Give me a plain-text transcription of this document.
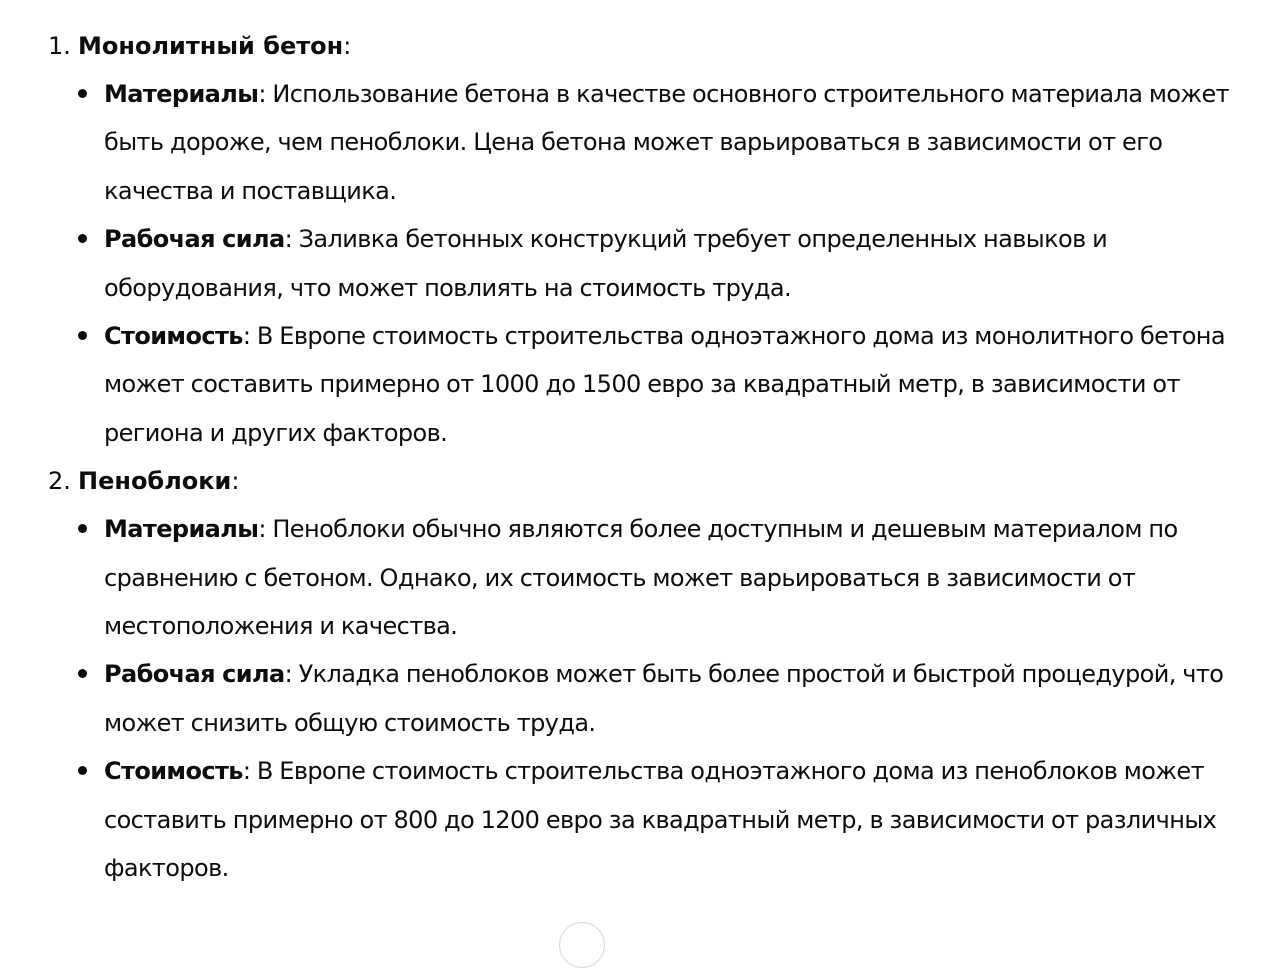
1. Монолитный бетон:
Материалы: Использование бетона в качестве основного строительного материала может быть дороже, чем пеноблоки. Цена бетона может варьироваться в зависимости от его качества и поставщика.
Рабочая сила: Заливка бетонных конструкций требует определенных навыков и оборудования, что может повлиять на стоимость труда.
Стоимость: В Европе стоимость строительства одноэтажного дома из монолитного бетона может составить примерно от 1000 до 1500 евро за квадратный метр, в зависимости от региона и других факторов.
2. Пеноблоки:
Материалы: Пеноблоки обычно являются более доступным и дешевым материалом по сравнению с бетоном. Однако, их стоимость может варьироваться в зависимости от местоположения и качества.
Рабочая сила: Укладка пеноблоков может быть более простой и быстрой процедурой, что может снизить общую стоимость труда.
Стоимость: В Европе стоимость строительства одноэтажного дома из пеноблоков может составить примерно от 800 до 1200 евро за квадратный метр, в зависимости от различных факторов.
